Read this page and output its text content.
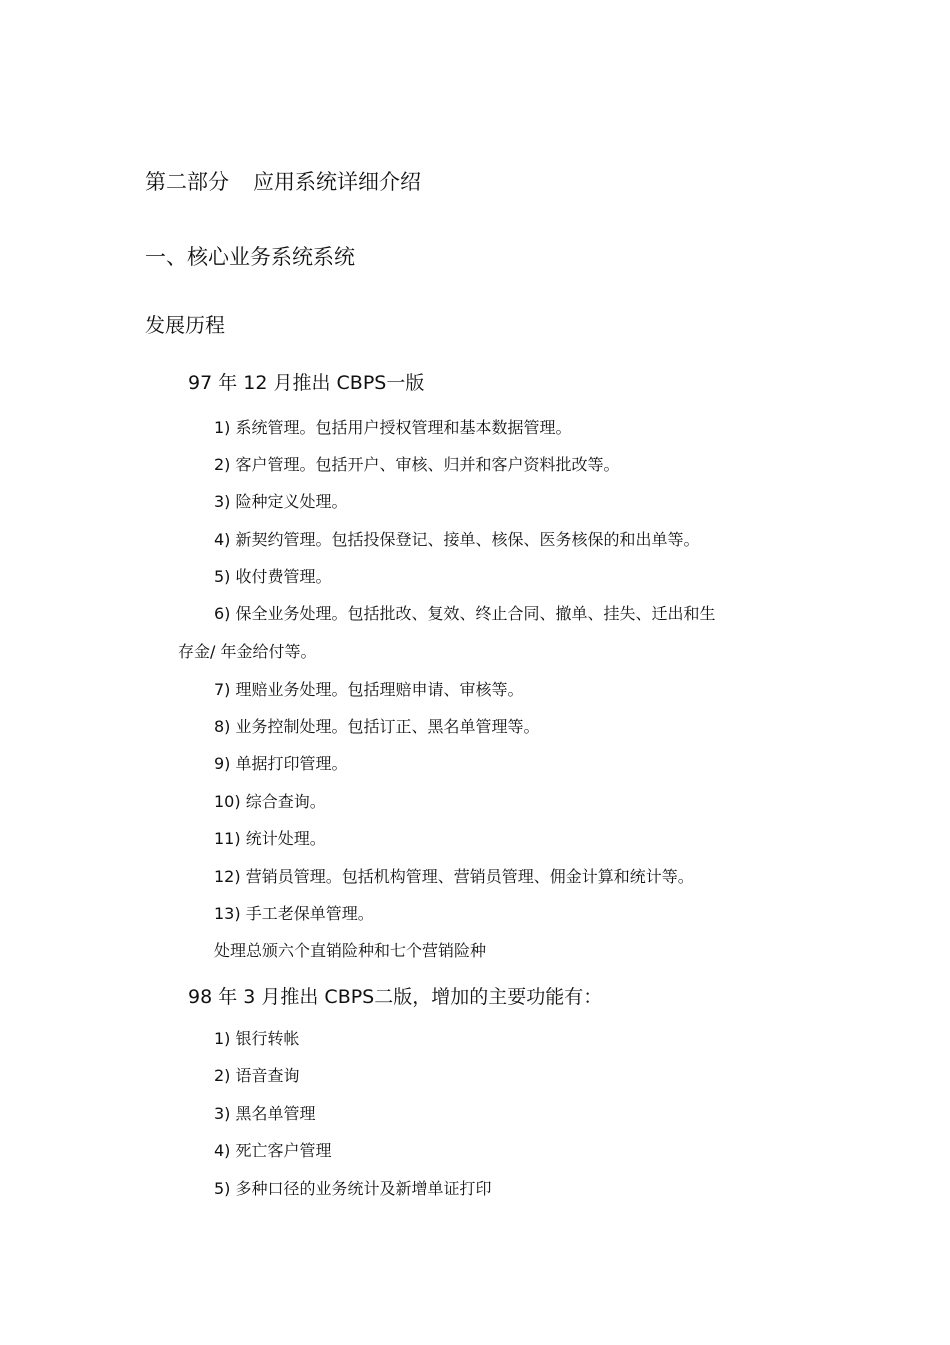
第二部分 应用系统详细介绍
一、核心业务系统系统
发展历程
97 年 12 月推出 CBPS一版
1) 系统管理。包括用户授权管理和基本数据管理。
2) 客户管理。包括开户、审核、归并和客户资料批改等。
3) 险种定义处理。
4) 新契约管理。包括投保登记、接单、核保、医务核保的和出单等。
5) 收付费管理。
6) 保全业务处理。包括批改、复效、终止合同、撤单、挂失、迁出和生
存金/ 年金给付等。
7) 理赔业务处理。包括理赔申请、审核等。
8) 业务控制处理。包括订正、黑名单管理等。
9) 单据打印管理。
10) 综合查询。
11) 统计处理。
12) 营销员管理。包括机构管理、营销员管理、佣金计算和统计等。
13) 手工老保单管理。
处理总颁六个直销险种和七个营销险种
98 年 3 月推出 CBPS二版，增加的主要功能有：
1) 银行转帐
2) 语音查询
3) 黑名单管理
4) 死亡客户管理
5) 多种口径的业务统计及新增单证打印
